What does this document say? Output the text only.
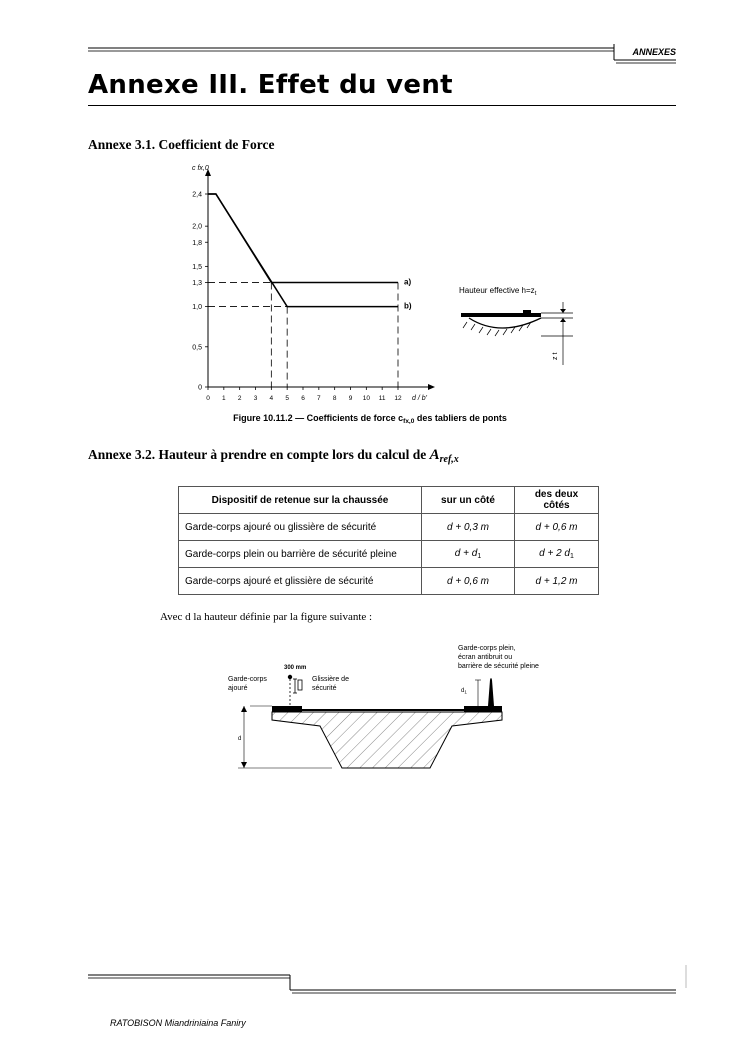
ANNEXES
Annexe III. Effet du vent
Annexe 3.1. Coefficient de Force
0
0,5
1,0
1,3
1,5
1,8
2,0
2,4
0 1 2 3 4 5 6 7 8 9 10 11 12 d / b'
c fx,0
a)
b)
Figure 10.11.2 — Coefficients de force $c_{fx,0}$ des tabliers de ponts
Hauteur effective $h=z_t$
z t
Annexe 3.2. Hauteur à prendre en compte lors du calcul de $A_{ref,x}$
Dispositif de retenue sur la chaussée	sur un côté	des deux côtés
Garde-corps ajouré ou glissière de sécurité	d + 0,3 m	d + 0,6 m
Garde-corps plein ou barrière de sécurité pleine	$d + d_1$	d + 2 $d_1$
Garde-corps ajouré et glissière de sécurité	d + 0,6 m	d + 1,2 m
Avec d la hauteur définie par la figure suivante :
d
Garde-corps
ajouré
300 mm
Glissière de
sécurité
Garde-corps plein,
écran antibruit ou
barrière de sécurité pleine
$d_1$
RATOBISON Miandriniaina Faniry
